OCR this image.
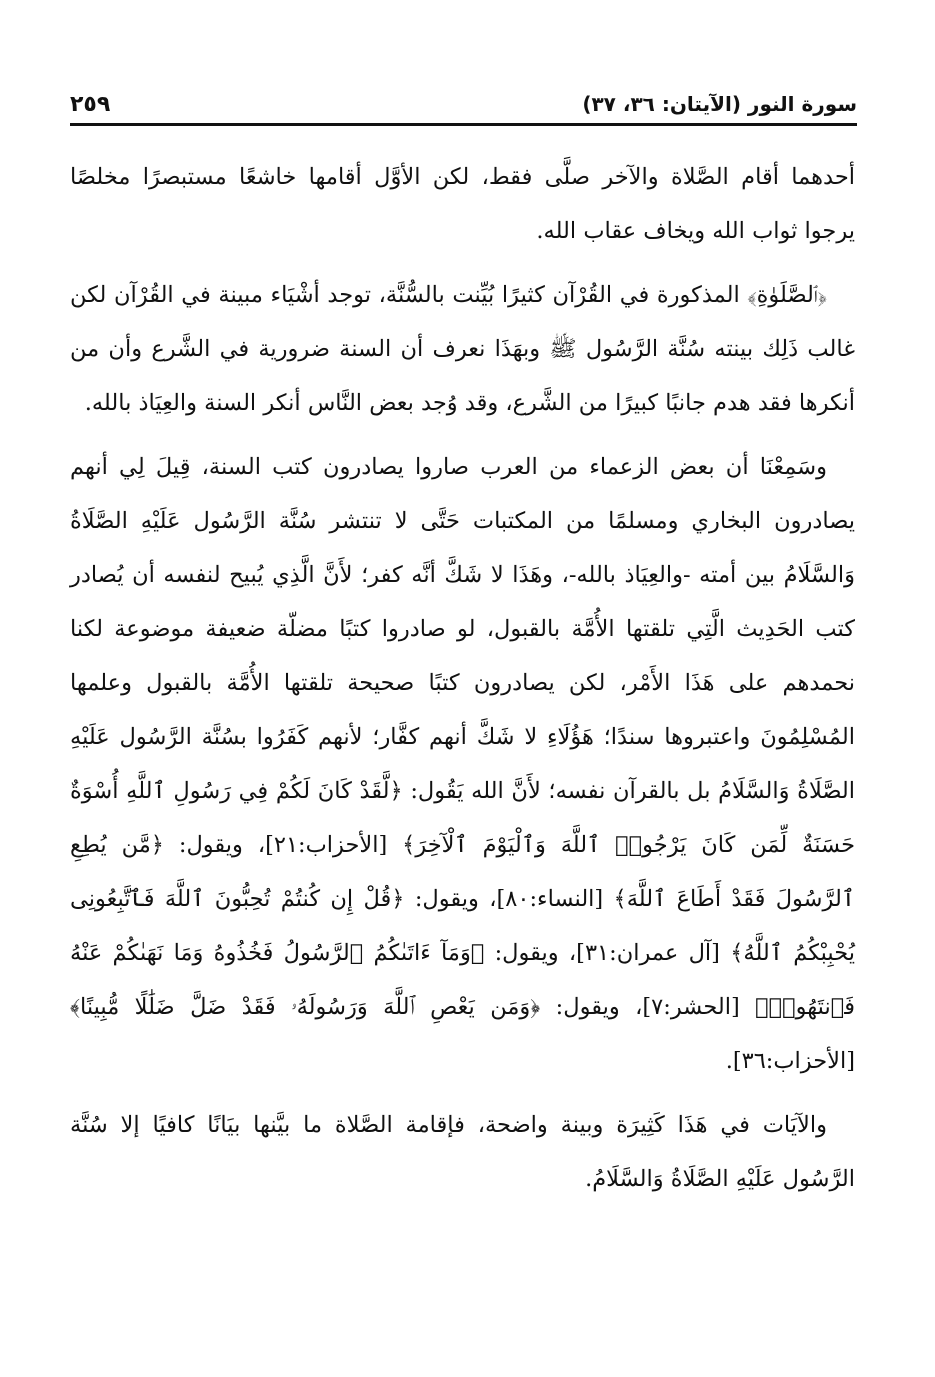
سورة النور (الآيتان: ٣٦، ٣٧)
٢٥٩

أحدهما أقام الصَّلاة والآخر صلَّى فقط، لكن الأوَّل أقامها خاشعًا مستبصرًا مخلصًا يرجوا ثواب الله ويخاف عقاب الله.

﴿ٱلصَّلَوٰةِ﴾ المذكورة في القُرْآن كثيرًا بُيِّنت بالسُّنَّة، توجد أشْيَاء مبينة في القُرْآن لكن غالب ذَلِك بينته سُنَّة الرَّسُول ﷺ وبهَذَا نعرف أن السنة ضرورية في الشَّرع وأن من أنكرها فقد هدم جانبًا كبيرًا من الشَّرع، وقد وُجد بعض النَّاس أنكر السنة والعِيَاذ بالله.

وسَمِعْنَا أن بعض الزعماء من العرب صاروا يصادرون كتب السنة، قِيلَ لِي أنهم يصادرون البخاري ومسلمًا من المكتبات حَتَّى لا تنتشر سُنَّة الرَّسُول عَلَيْهِ الصَّلَاةُ وَالسَّلَامُ بين أمته -والعِيَاذ بالله-، وهَذَا لا شَكَّ أنَّه كفر؛ لأَنَّ الَّذِي يُبيح لنفسه أن يُصادر كتب الحَدِيث الَّتِي تلقتها الأُمَّة بالقبول، لو صادروا كتبًا مضلّة ضعيفة موضوعة لكنا نحمدهم على هَذَا الأَمْر، لكن يصادرون كتبًا صحيحة تلقتها الأُمَّة بالقبول وعلمها المُسْلِمُونَ واعتبروها سندًا؛ هَؤُلَاءِ لا شَكَّ أنهم كفَّار؛ لأنهم كَفَرُوا بسُنَّة الرَّسُول عَلَيْهِ الصَّلَاةُ وَالسَّلَامُ بل بالقرآن نفسه؛ لأَنَّ الله يَقُول: ﴿لَّقَدْ كَانَ لَكُمْ فِي رَسُولِ ٱللَّهِ أُسْوَةٌ حَسَنَةٌ لِّمَن كَانَ يَرْجُوا۟ ٱللَّهَ وَٱلْيَوْمَ ٱلْآخِرَ﴾ [الأحزاب:٢١]، ويقول: ﴿مَّن يُطِعِ ٱلرَّسُولَ فَقَدْ أَطَاعَ ٱللَّهَ﴾ [النساء:٨٠]، ويقول: ﴿قُلْ إِن كُنتُمْ تُحِبُّونَ ٱللَّهَ فَٱتَّبِعُونِى يُحْبِبْكُمُ ٱللَّهُ﴾ [آل عمران:٣١]، ويقول: ﴿وَمَآ ءَاتَىٰكُمُ ٱلرَّسُولُ فَخُذُوهُ وَمَا نَهَىٰكُمْ عَنْهُ فَٱنتَهُوا۟﴾ [الحشر:٧]، ويقول: ﴿وَمَن يَعْصِ ٱللَّهَ وَرَسُولَهُۥ فَقَدْ ضَلَّ ضَلَٰلًا مُّبِينًا﴾ [الأحزاب:٣٦].

والآيَات في هَذَا كَثِيرَة وبينة واضحة، فإقامة الصَّلاة ما بيَّنها بيَانًا كافيًا إلا سُنَّة الرَّسُول عَلَيْهِ الصَّلَاةُ وَالسَّلَامُ.
